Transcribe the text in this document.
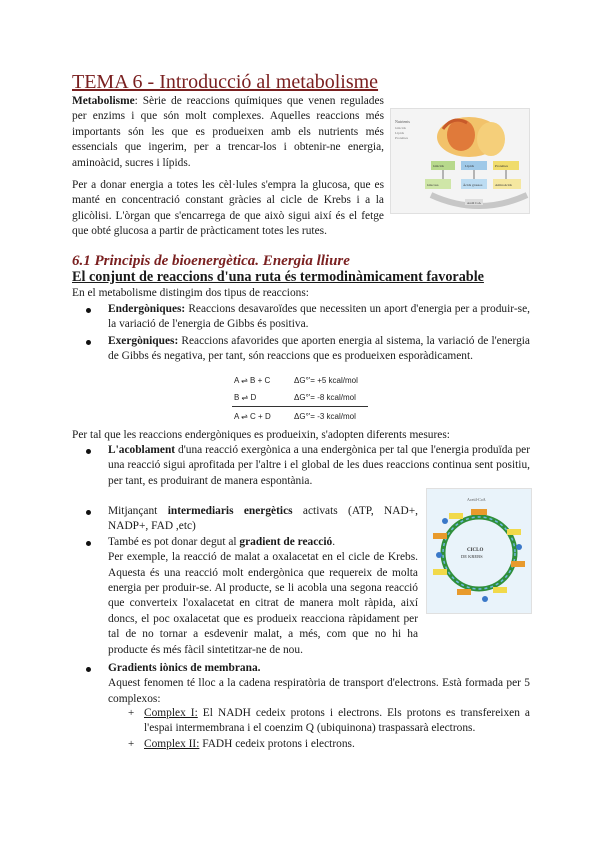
TEMA 6 - Introducció al metabolisme
Metabolisme: Sèrie de reaccions químiques que venen regulades per enzims i que són molt complexes. Aquelles reaccions més importants són les que es produeixen amb els nutrients més essencials que ingerim, per a trencar-los i obtenir-ne energia, aminoàcid, sucres i lípids.
Per a donar energia a totes les cèl·lules s'empra la glucosa, que es manté en concentració constant gràcies al cicle de Krebs i a la glicòlisi. L'òrgan que s'encarrega de que això sigui així és el fetge que obté glucosa a partir de pràcticament totes les rutes.
Nutrients
Glúcids
Lípids
Proteïnes
Glúcids	Lípids	Proteïnes
Glucosa	Àcids grassos	Aminoàcids
Acetil CoA
6.1 Principis de bioenergètica. Energia lliure
El conjunt de reaccions d'una ruta és termodinàmicament favorable
En el metabolisme distingim dos tipus de reaccions:
Endergòniques: Reaccions desavaroïdes que necessiten un aport d'energia per a produir-se, la variació de l'energia de Gibbs és positiva.
Exergòniques: Reaccions afavorides que aporten energia al sistema, la variació de l'energia de Gibbs és negativa, per tant, són reaccions que es produeixen esporàdicament.
A ⇌ B + C	ΔG°'= +5 kcal/mol
B ⇌ D	ΔG°'= -8 kcal/mol
A ⇌ C + D	ΔG°'= -3 kcal/mol
Per tal que les reaccions endergòniques es produeixin, s'adopten diferents mesures:
L'acoblament d'una reacció exergònica a una endergònica per tal que l'energia produïda per una reacció sigui aprofitada per l'altre i el global de les dues reaccions continua sent positiu, per tant, es produirant de manera espontània.
Mitjançant intermediaris energètics activats (ATP, NAD+, NADP+, FAD ,etc)
També es pot donar degut al gradient de reacció.
Per exemple, la reacció de malat a oxalacetat en el cicle de Krebs. Aquesta és una reacció molt endergònica que requereix de molta energia per produir-se. Al producte, se li acobla una segona reacció que converteix l'oxalacetat en citrat de manera molt ràpida, així doncs, el poc oxalacetat que es produeix reacciona ràpidament per tal de no tornar a esdevenir malat, a més, com que no hi ha producte és més fàcil sintetitzar-ne de nou.
CICLO
DE KREBS
Acetil-CoA
Gradients iònics de membrana.
Aquest fenomen té lloc a la cadena respiratòria de transport d'electrons. Està formada per 5 complexos:
+ Complex I: El NADH cedeix protons i electrons. Els protons es transfereixen a l'espai intermembrana i el coenzim Q (ubiquinona) traspassarà electrons.
+ Complex II: FADH cedeix protons i electrons.
